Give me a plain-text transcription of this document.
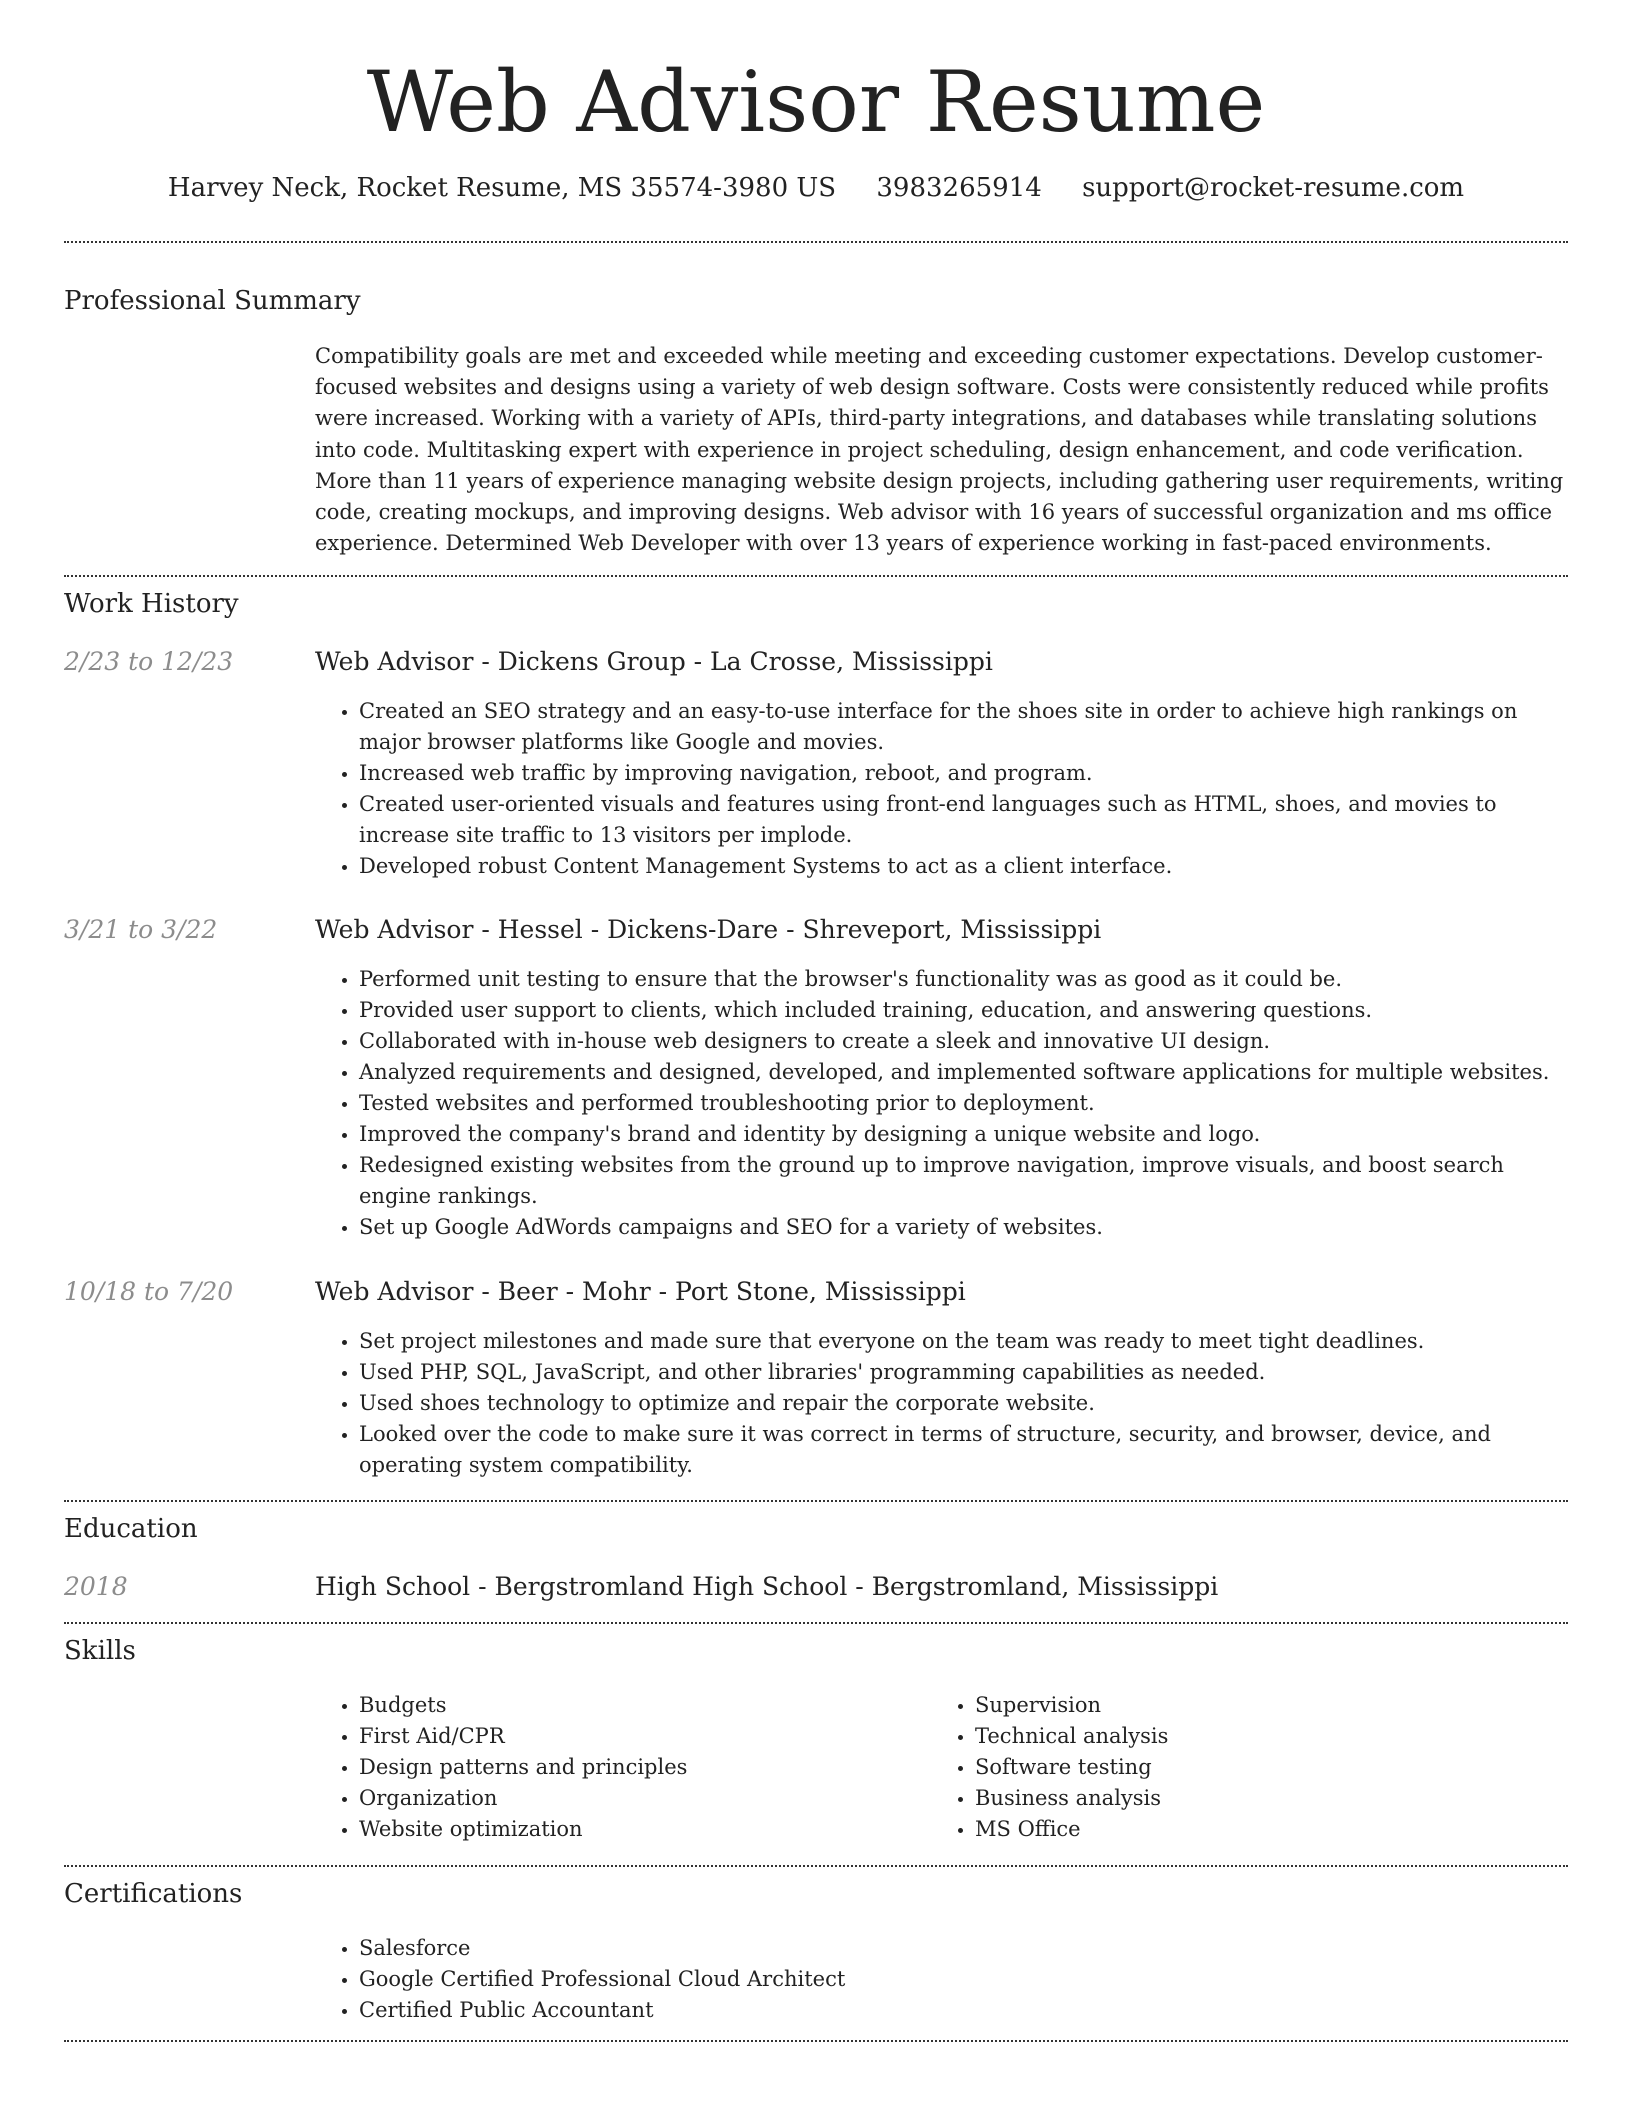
Web Advisor Resume
Harvey Neck, Rocket Resume, MS 35574-3980 US 3983265914 support@rocket-resume.com
Professional Summary

Compatibility goals are met and exceeded while meeting and exceeding customer expectations. Develop customer-focused websites and designs using a variety of web design software. Costs were consistently reduced while profits were increased. Working with a variety of APIs, third-party integrations, and databases while translating solutions into code. Multitasking expert with experience in project scheduling, design enhancement, and code verification. More than 11 years of experience managing website design projects, including gathering user requirements, writing code, creating mockups, and improving designs. Web advisor with 16 years of successful organization and ms office experience. Determined Web Developer with over 13 years of experience working in fast-paced environments.

Work History
2/23 to 12/23	Web Advisor - Dickens Group - La Crosse, Mississippi
• Created an SEO strategy and an easy-to-use interface for the shoes site in order to achieve high rankings on major browser platforms like Google and movies.
• Increased web traffic by improving navigation, reboot, and program.
• Created user-oriented visuals and features using front-end languages such as HTML, shoes, and movies to increase site traffic to 13 visitors per implode.
• Developed robust Content Management Systems to act as a client interface.
3/21 to 3/22	Web Advisor - Hessel - Dickens-Dare - Shreveport, Mississippi
• Performed unit testing to ensure that the browser's functionality was as good as it could be.
• Provided user support to clients, which included training, education, and answering questions.
• Collaborated with in-house web designers to create a sleek and innovative UI design.
• Analyzed requirements and designed, developed, and implemented software applications for multiple websites.
• Tested websites and performed troubleshooting prior to deployment.
• Improved the company's brand and identity by designing a unique website and logo.
• Redesigned existing websites from the ground up to improve navigation, improve visuals, and boost search engine rankings.
• Set up Google AdWords campaigns and SEO for a variety of websites.
10/18 to 7/20	Web Advisor - Beer - Mohr - Port Stone, Mississippi
• Set project milestones and made sure that everyone on the team was ready to meet tight deadlines.
• Used PHP, SQL, JavaScript, and other libraries' programming capabilities as needed.
• Used shoes technology to optimize and repair the corporate website.
• Looked over the code to make sure it was correct in terms of structure, security, and browser, device, and operating system compatibility.
Education
2018	High School - Bergstromland High School - Bergstromland, Mississippi
Skills
• Budgets
• First Aid/CPR
• Design patterns and principles
• Organization
• Website optimization
• Supervision
• Technical analysis
• Software testing
• Business analysis
• MS Office
Certifications
• Salesforce
• Google Certified Professional Cloud Architect
• Certified Public Accountant
